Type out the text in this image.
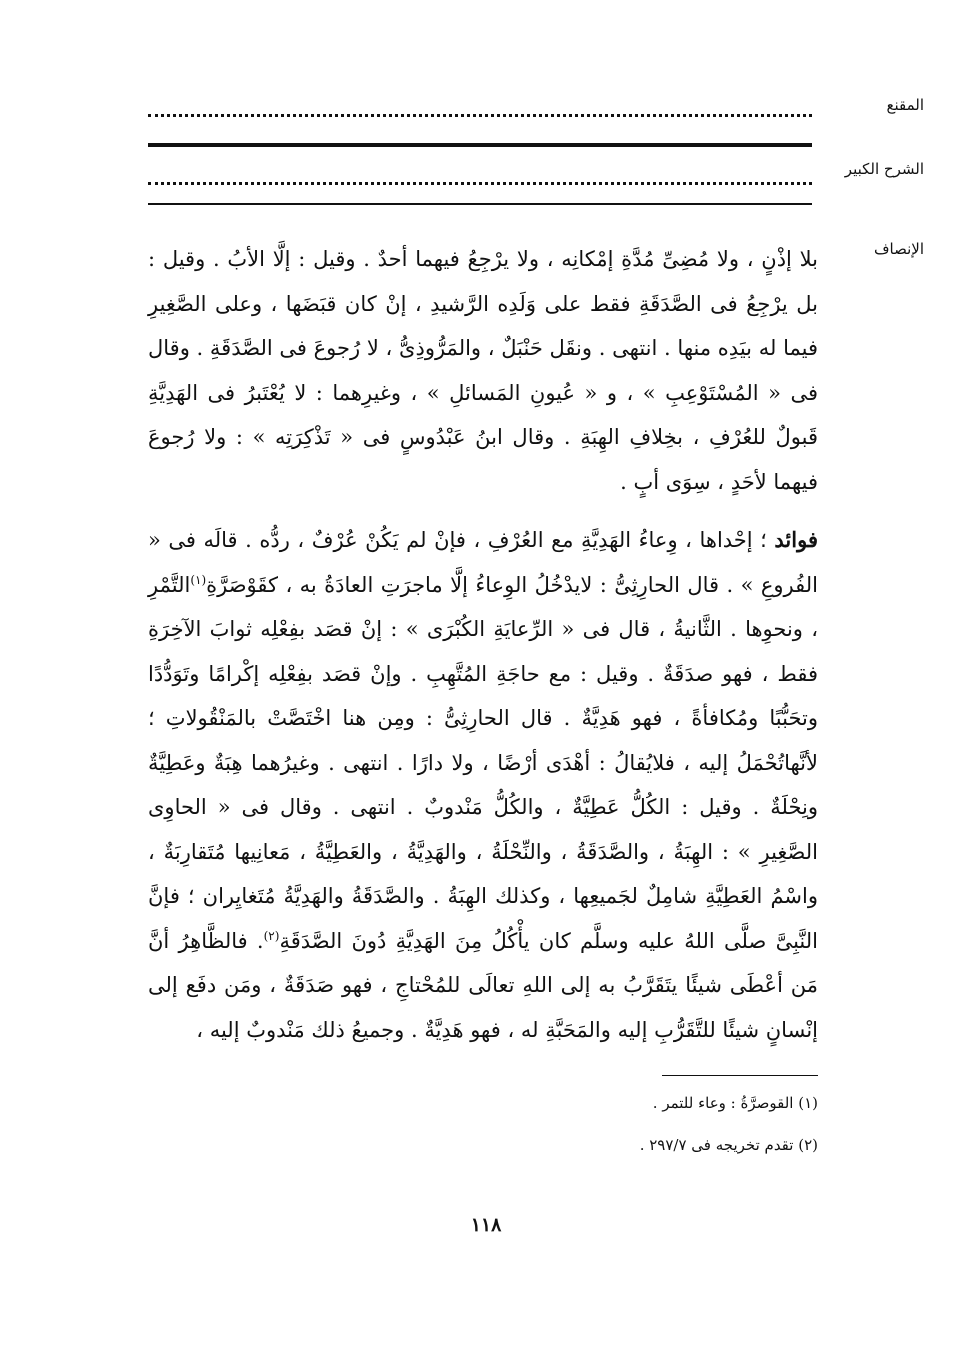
المقنع
الشرح الكبير
الإنصاف

بلا إذْنٍ ، ولا مُضِىِّ مُدَّةِ إمْكانِه ، ولا يرْجِعُ فيهما أحدٌ . وقيل : إلَّا الأبُ . وقيل : بل يرْجِعُ فى الصَّدَقَةِ فقط على وَلَدِه الرَّشيدِ ، إنْ كان قبَضَها ، وعلى الصَّغِيرِ فيما له بيَدِه منها . انتهى . ونقَل حَنْبَلٌ ، والمَرُّوذِىُّ ، لا رُجوعَ فى الصَّدَقَةِ . وقال فى « المُسْتَوْعِبِ » ، و « عُيونِ المَسائلِ » ، وغيرِهما : لا يُعْتَبرُ فى الهَدِيَّةِ قَبولٌ للعُرْفِ ، بخِلافِ الهِبَةِ . وقال ابنُ عَبْدُوسٍ فى « تَذْكِرَتِه » : ولا رُجوعَ فيهما لأحَدٍ ، سِوَى أبٍ .

فوائد ؛ إحْداها ، وِعاءُ الهَدِيَّةِ مع العُرْفِ ، فإنْ لم يَكُنْ عُرْفٌ ، ردُّه . قالَه فى « الفُروعِ » . قال الحارِثِىُّ : لايدْخُلُ الوِعاءُ إلَّا ماجرَتِ العادَةُ به ، كقَوْصَرَّةِ$^{(١)}$التَّمْرِ ، ونحوِها . الثَّانيةُ ، قال فى « الرِّعايَةِ الكُبْرَى » : إنْ قصَد بفِعْلِه ثوابَ الآخِرَةِ فقط ، فهو صدَقَةٌ . وقيل : مع حاجَةِ المُتَّهِبِ . وإنْ قصَد بفِعْلِه إكْرامًا وتَوَدُّدًا وتحَبُّبًا ومُكافأةً ، فهو هَدِيَّةٌ . قال الحارِثِىُّ : ومِن هنا اخْتَصَّتْ بالمَنْقُولاتِ ؛ لأنَّهاتُحْمَلُ إليه ، فلايُقالُ : أهْدَى أرْضًا ، ولا دارًا . انتهى . وغيرُهما هِبَةٌ وعَطِيَّةٌ ونِحْلَةٌ . وقيل : الكُلُّ عَطِيَّةٌ ، والكُلُّ مَنْدوبٌ . انتهى . وقال فى « الحاوِى الصَّغِيرِ » : الهِبَةُ ، والصَّدَقَةُ ، والنِّحْلَةُ ، والهَدِيَّةُ ، والعَطِيَّةُ ، مَعانِيها مُتَقارِبَةٌ ، واسْمُ العَطِيَّةِ شامِلٌ لجَميعِها ، وكذلك الهِبَةُ . والصَّدَقَةُ والهَدِيَّةُ مُتَغايِران ؛ فإنَّ النَّبِىَّ صلَّى اللهُ عليه وسلَّم كان يأْكُلُ مِنَ الهَدِيَّةِ دُونَ الصَّدَقَةِ$^{(٢)}$. فالظَّاهِرُ أنَّ مَن أعْطَى شيئًا يتَقَرَّبُ به إلى اللهِ تعالَى للمُحْتاجِ ، فهو صَدَقَةٌ ، ومَن دفَع إلى إنْسانٍ شيئًا للتَّقَرُّبِ إليه والمَحَبَّةِ له ، فهو هَدِيَّةٌ . وجميعُ ذلك مَنْدوبٌ إليه ،

(١) القوصرَّةُ : وعاء للتمر .
(٢) تقدم تخريجه فى ٢٩٧/٧ .
١١٨
